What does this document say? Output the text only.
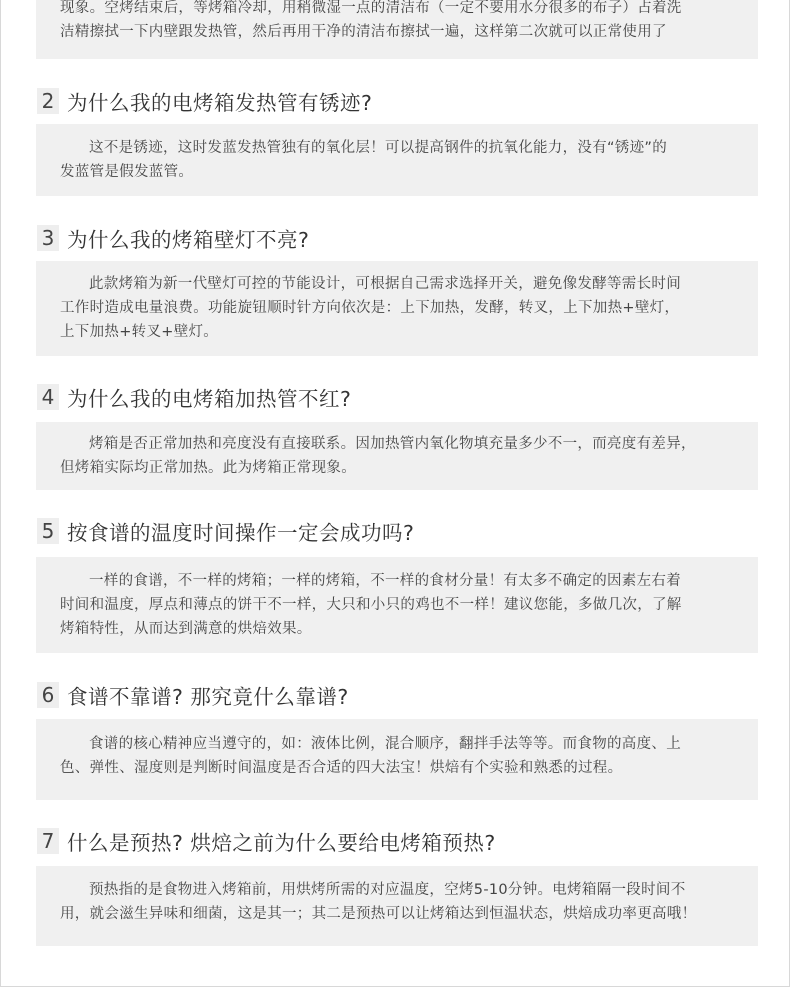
现象。空烤结束后，等烤箱冷却，用稍微湿一点的清洁布（一定不要用水分很多的布子）占着洗

洁精擦拭一下内壁跟发热管，然后再用干净的清洁布擦拭一遍，这样第二次就可以正常使用了

2 为什么我的电烤箱发热管有锈迹?

这不是锈迹，这时发蓝发热管独有的氧化层！可以提高钢件的抗氧化能力，没有“锈迹”的

发蓝管是假发蓝管。

3 为什么我的烤箱壁灯不亮?

此款烤箱为新一代壁灯可控的节能设计，可根据自己需求选择开关，避免像发酵等需长时间

工作时造成电量浪费。功能旋钮顺时针方向依次是：上下加热，发酵，转叉，上下加热+壁灯，

上下加热+转叉+壁灯。

4 为什么我的电烤箱加热管不红?

烤箱是否正常加热和亮度没有直接联系。因加热管内氧化物填充量多少不一，而亮度有差异，

但烤箱实际均正常加热。此为烤箱正常现象。

5 按食谱的温度时间操作一定会成功吗?

一样的食谱，不一样的烤箱；一样的烤箱，不一样的食材分量！有太多不确定的因素左右着

时间和温度，厚点和薄点的饼干不一样，大只和小只的鸡也不一样！建议您能，多做几次，了解

烤箱特性，从而达到满意的烘焙效果。

6 食谱不靠谱? 那究竟什么靠谱?

食谱的核心精神应当遵守的，如：液体比例，混合顺序，翻拌手法等等。而食物的高度、上

色、弹性、湿度则是判断时间温度是否合适的四大法宝！烘焙有个实验和熟悉的过程。

7 什么是预热? 烘焙之前为什么要给电烤箱预热?

预热指的是食物进入烤箱前，用烘烤所需的对应温度，空烤5-10分钟。电烤箱隔一段时间不

用，就会滋生异味和细菌，这是其一；其二是预热可以让烤箱达到恒温状态，烘焙成功率更高哦！
